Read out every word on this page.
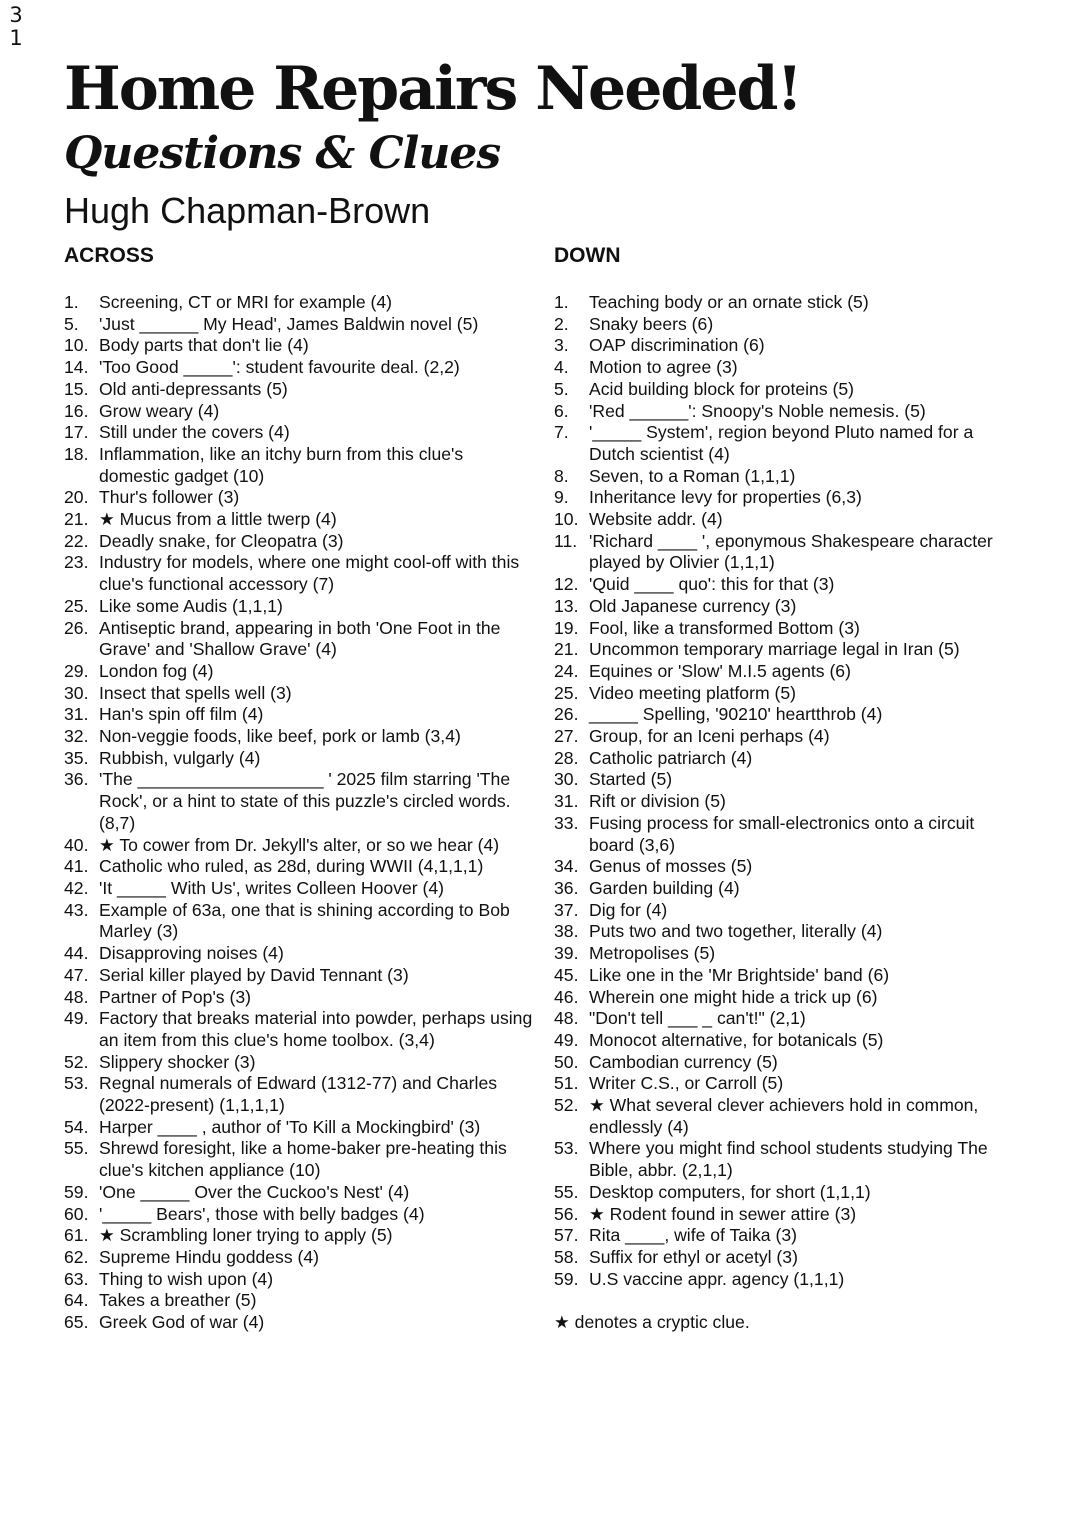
3
1
Home Repairs Needed!
Questions & Clues
Hugh Chapman-Brown
ACROSS
1. Screening, CT or MRI for example (4)
5. 'Just ______ My Head', James Baldwin novel (5)
10. Body parts that don't lie (4)
14. 'Too Good _____': student favourite deal. (2,2)
15. Old anti-depressants (5)
16. Grow weary (4)
17. Still under the covers (4)
18. Inflammation, like an itchy burn from this clue's domestic gadget (10)
20. Thur's follower (3)
21. ★ Mucus from a little twerp (4)
22. Deadly snake, for Cleopatra (3)
23. Industry for models, where one might cool-off with this clue's functional accessory (7)
25. Like some Audis (1,1,1)
26. Antiseptic brand, appearing in both 'One Foot in the Grave' and 'Shallow Grave' (4)
29. London fog (4)
30. Insect that spells well (3)
31. Han's spin off film (4)
32. Non-veggie foods, like beef, pork or lamb (3,4)
35. Rubbish, vulgarly (4)
36. 'The ___________________ ' 2025 film starring 'The Rock', or a hint to state of this puzzle's circled words. (8,7)
40. ★ To cower from Dr. Jekyll's alter, or so we hear (4)
41. Catholic who ruled, as 28d, during WWII (4,1,1,1)
42. 'It _____ With Us', writes Colleen Hoover (4)
43. Example of 63a, one that is shining according to Bob Marley (3)
44. Disapproving noises (4)
47. Serial killer played by David Tennant (3)
48. Partner of Pop's (3)
49. Factory that breaks material into powder, perhaps using an item from this clue's home toolbox. (3,4)
52. Slippery shocker (3)
53. Regnal numerals of Edward (1312-77) and Charles (2022-present) (1,1,1,1)
54. Harper ____ , author of 'To Kill a Mockingbird' (3)
55. Shrewd foresight, like a home-baker pre-heating this clue's kitchen appliance (10)
59. 'One _____ Over the Cuckoo's Nest' (4)
60. '_____ Bears', those with belly badges (4)
61. ★ Scrambling loner trying to apply (5)
62. Supreme Hindu goddess (4)
63. Thing to wish upon (4)
64. Takes a breather (5)
65. Greek God of war (4)
DOWN
1. Teaching body or an ornate stick (5)
2. Snaky beers (6)
3. OAP discrimination (6)
4. Motion to agree (3)
5. Acid building block for proteins (5)
6. 'Red ______': Snoopy's Noble nemesis. (5)
7. '_____ System', region beyond Pluto named for a Dutch scientist (4)
8. Seven, to a Roman (1,1,1)
9. Inheritance levy for properties (6,3)
10. Website addr. (4)
11. 'Richard ____ ', eponymous Shakespeare character played by Olivier (1,1,1)
12. 'Quid ____ quo': this for that (3)
13. Old Japanese currency (3)
19. Fool, like a transformed Bottom (3)
21. Uncommon temporary marriage legal in Iran (5)
24. Equines or 'Slow' M.I.5 agents (6)
25. Video meeting platform (5)
26. _____ Spelling, '90210' heartthrob (4)
27. Group, for an Iceni perhaps (4)
28. Catholic patriarch (4)
30. Started (5)
31. Rift or division (5)
33. Fusing process for small-electronics onto a circuit board (3,6)
34. Genus of mosses (5)
36. Garden building (4)
37. Dig for (4)
38. Puts two and two together, literally (4)
39. Metropolises (5)
45. Like one in the 'Mr Brightside' band (6)
46. Wherein one might hide a trick up (6)
48. "Don't tell ___ _ can't!" (2,1)
49. Monocot alternative, for botanicals (5)
50. Cambodian currency (5)
51. Writer C.S., or Carroll (5)
52. ★ What several clever achievers hold in common, endlessly (4)
53. Where you might find school students studying The Bible, abbr. (2,1,1)
55. Desktop computers, for short (1,1,1)
56. ★ Rodent found in sewer attire (3)
57. Rita ____, wife of Taika (3)
58. Suffix for ethyl or acetyl (3)
59. U.S vaccine appr. agency (1,1,1)
★ denotes a cryptic clue.
